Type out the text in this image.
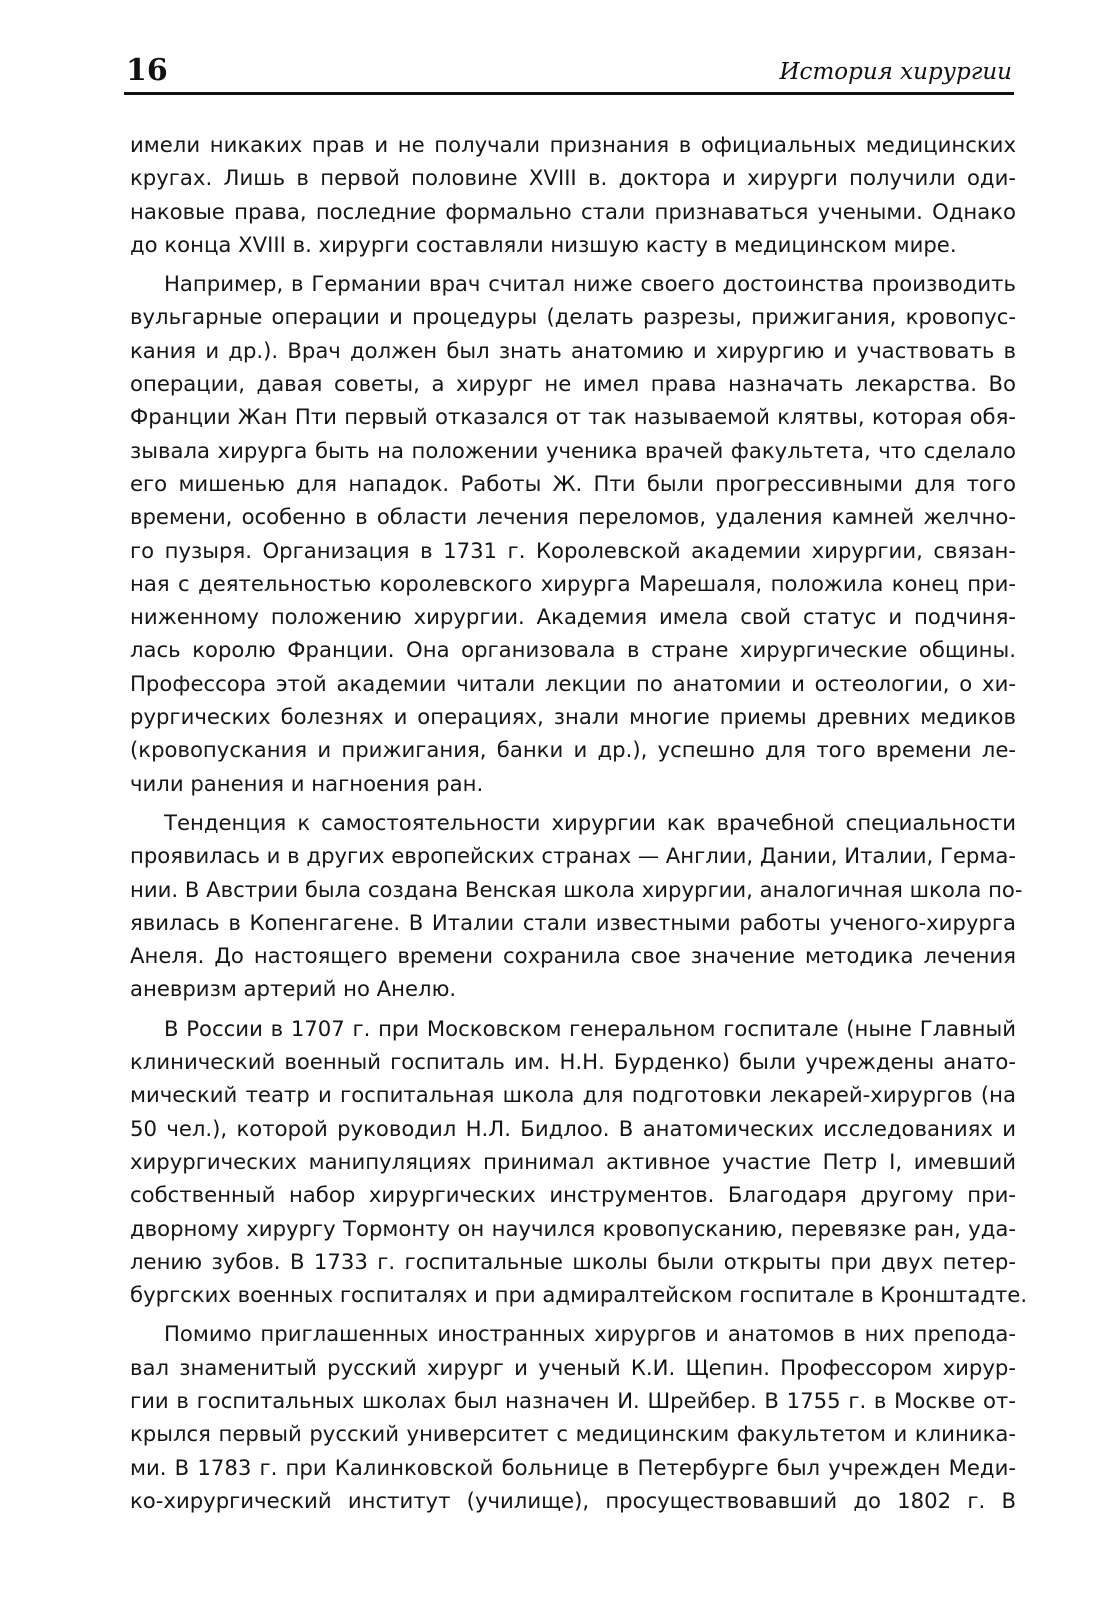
16	История хирургии
имели никаких прав и не получали признания в официальных медицинских
кругах. Лишь в первой половине XVIII в. доктора и хирурги получили оди-
наковые права, последние формально стали признаваться учеными. Однако
до конца XVIII в. хирурги составляли низшую касту в медицинском мире.
Например, в Германии врач считал ниже своего достоинства производить
вульгарные операции и процедуры (делать разрезы, прижигания, кровопус-
кания и др.). Врач должен был знать анатомию и хирургию и участвовать в
операции, давая советы, а хирург не имел права назначать лекарства. Во
Франции Жан Пти первый отказался от так называемой клятвы, которая обя-
зывала хирурга быть на положении ученика врачей факультета, что сделало
его мишенью для нападок. Работы Ж. Пти были прогрессивными для того
времени, особенно в области лечения переломов, удаления камней желчно-
го пузыря. Организация в 1731 г. Королевской академии хирургии, связан-
ная с деятельностью королевского хирурга Марешаля, положила конец при-
ниженному положению хирургии. Академия имела свой статус и подчиня-
лась королю Франции. Она организовала в стране хирургические общины.
Профессора этой академии читали лекции по анатомии и остеологии, о хи-
рургических болезнях и операциях, знали многие приемы древних медиков
(кровопускания и прижигания, банки и др.), успешно для того времени ле-
чили ранения и нагноения ран.
Тенденция к самостоятельности хирургии как врачебной специальности
проявилась и в других европейских странах — Англии, Дании, Италии, Герма-
нии. В Австрии была создана Венская школа хирургии, аналогичная школа по-
явилась в Копенгагене. В Италии стали известными работы ученого-хирурга
Анеля. До настоящего времени сохранила свое значение методика лечения
аневризм артерий но Анелю.
В России в 1707 г. при Московском генеральном госпитале (ныне Главный
клинический военный госпиталь им. Н.Н. Бурденко) были учреждены анато-
мический театр и госпитальная школа для подготовки лекарей-хирургов (на
50 чел.), которой руководил Н.Л. Бидлоо. В анатомических исследованиях и
хирургических манипуляциях принимал активное участие Петр I, имевший
собственный набор хирургических инструментов. Благодаря другому при-
дворному хирургу Тормонту он научился кровопусканию, перевязке ран, уда-
лению зубов. В 1733 г. госпитальные школы были открыты при двух петер-
бургских военных госпиталях и при адмиралтейском госпитале в Кронштадте.
Помимо приглашенных иностранных хирургов и анатомов в них препода-
вал знаменитый русский хирург и ученый К.И. Щепин. Профессором хирур-
гии в госпитальных школах был назначен И. Шрейбер. В 1755 г. в Москве от-
крылся первый русский университет с медицинским факультетом и клиника-
ми. В 1783 г. при Калинковской больнице в Петербурге был учрежден Меди-
ко-хирургический институт (училище), просуществовавший до 1802 г. В
